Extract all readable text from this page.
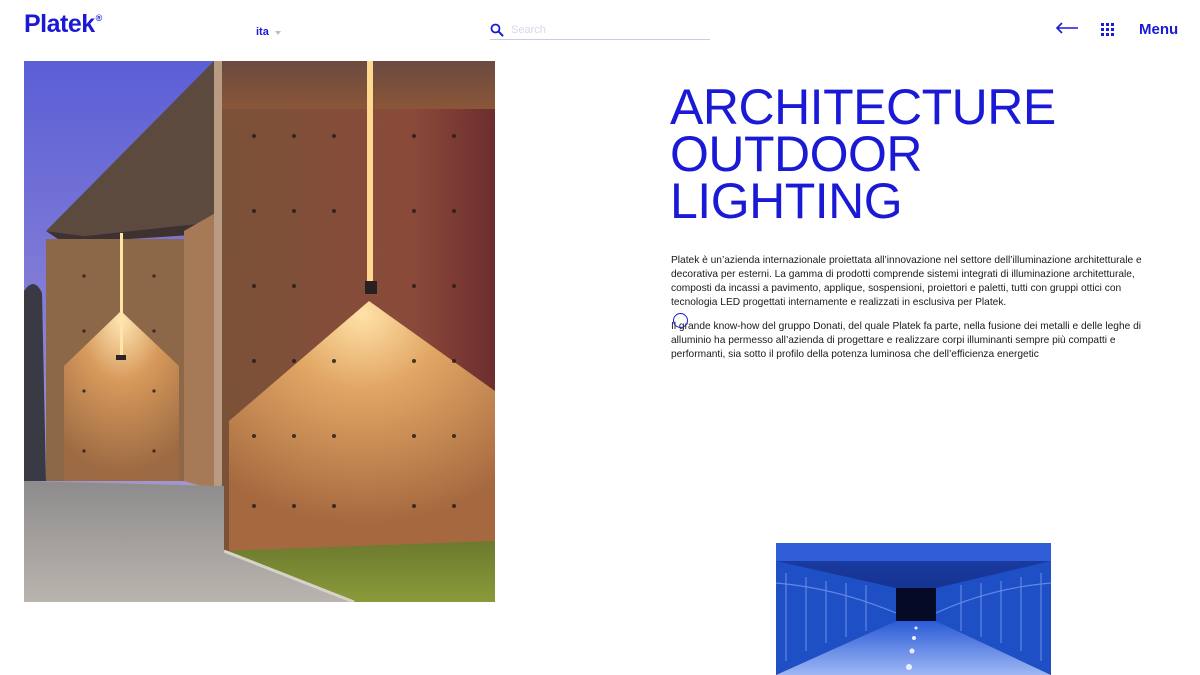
Platek®
ita
Search	Menu
ARCHITECTURE
OUTDOOR
LIGHTING

Platek è un’azienda internazionale proiettata all’innovazione nel settore dell’illuminazione architetturale e decorativa per esterni. La gamma di prodotti comprende sistemi integrati di illuminazione architetturale, composti da incassi a pavimento, applique, sospensioni, proiettori e paletti, tutti con gruppi ottici con tecnologia LED progettati internamente e realizzati in esclusiva per Platek.

Il grande know-how del gruppo Donati, del quale Platek fa parte, nella fusione dei metalli e delle leghe di alluminio ha permesso all’azienda di progettare e realizzare corpi illuminanti sempre più compatti e performanti, sia sotto il profilo della potenza luminosa che dell’efficienza energetic
